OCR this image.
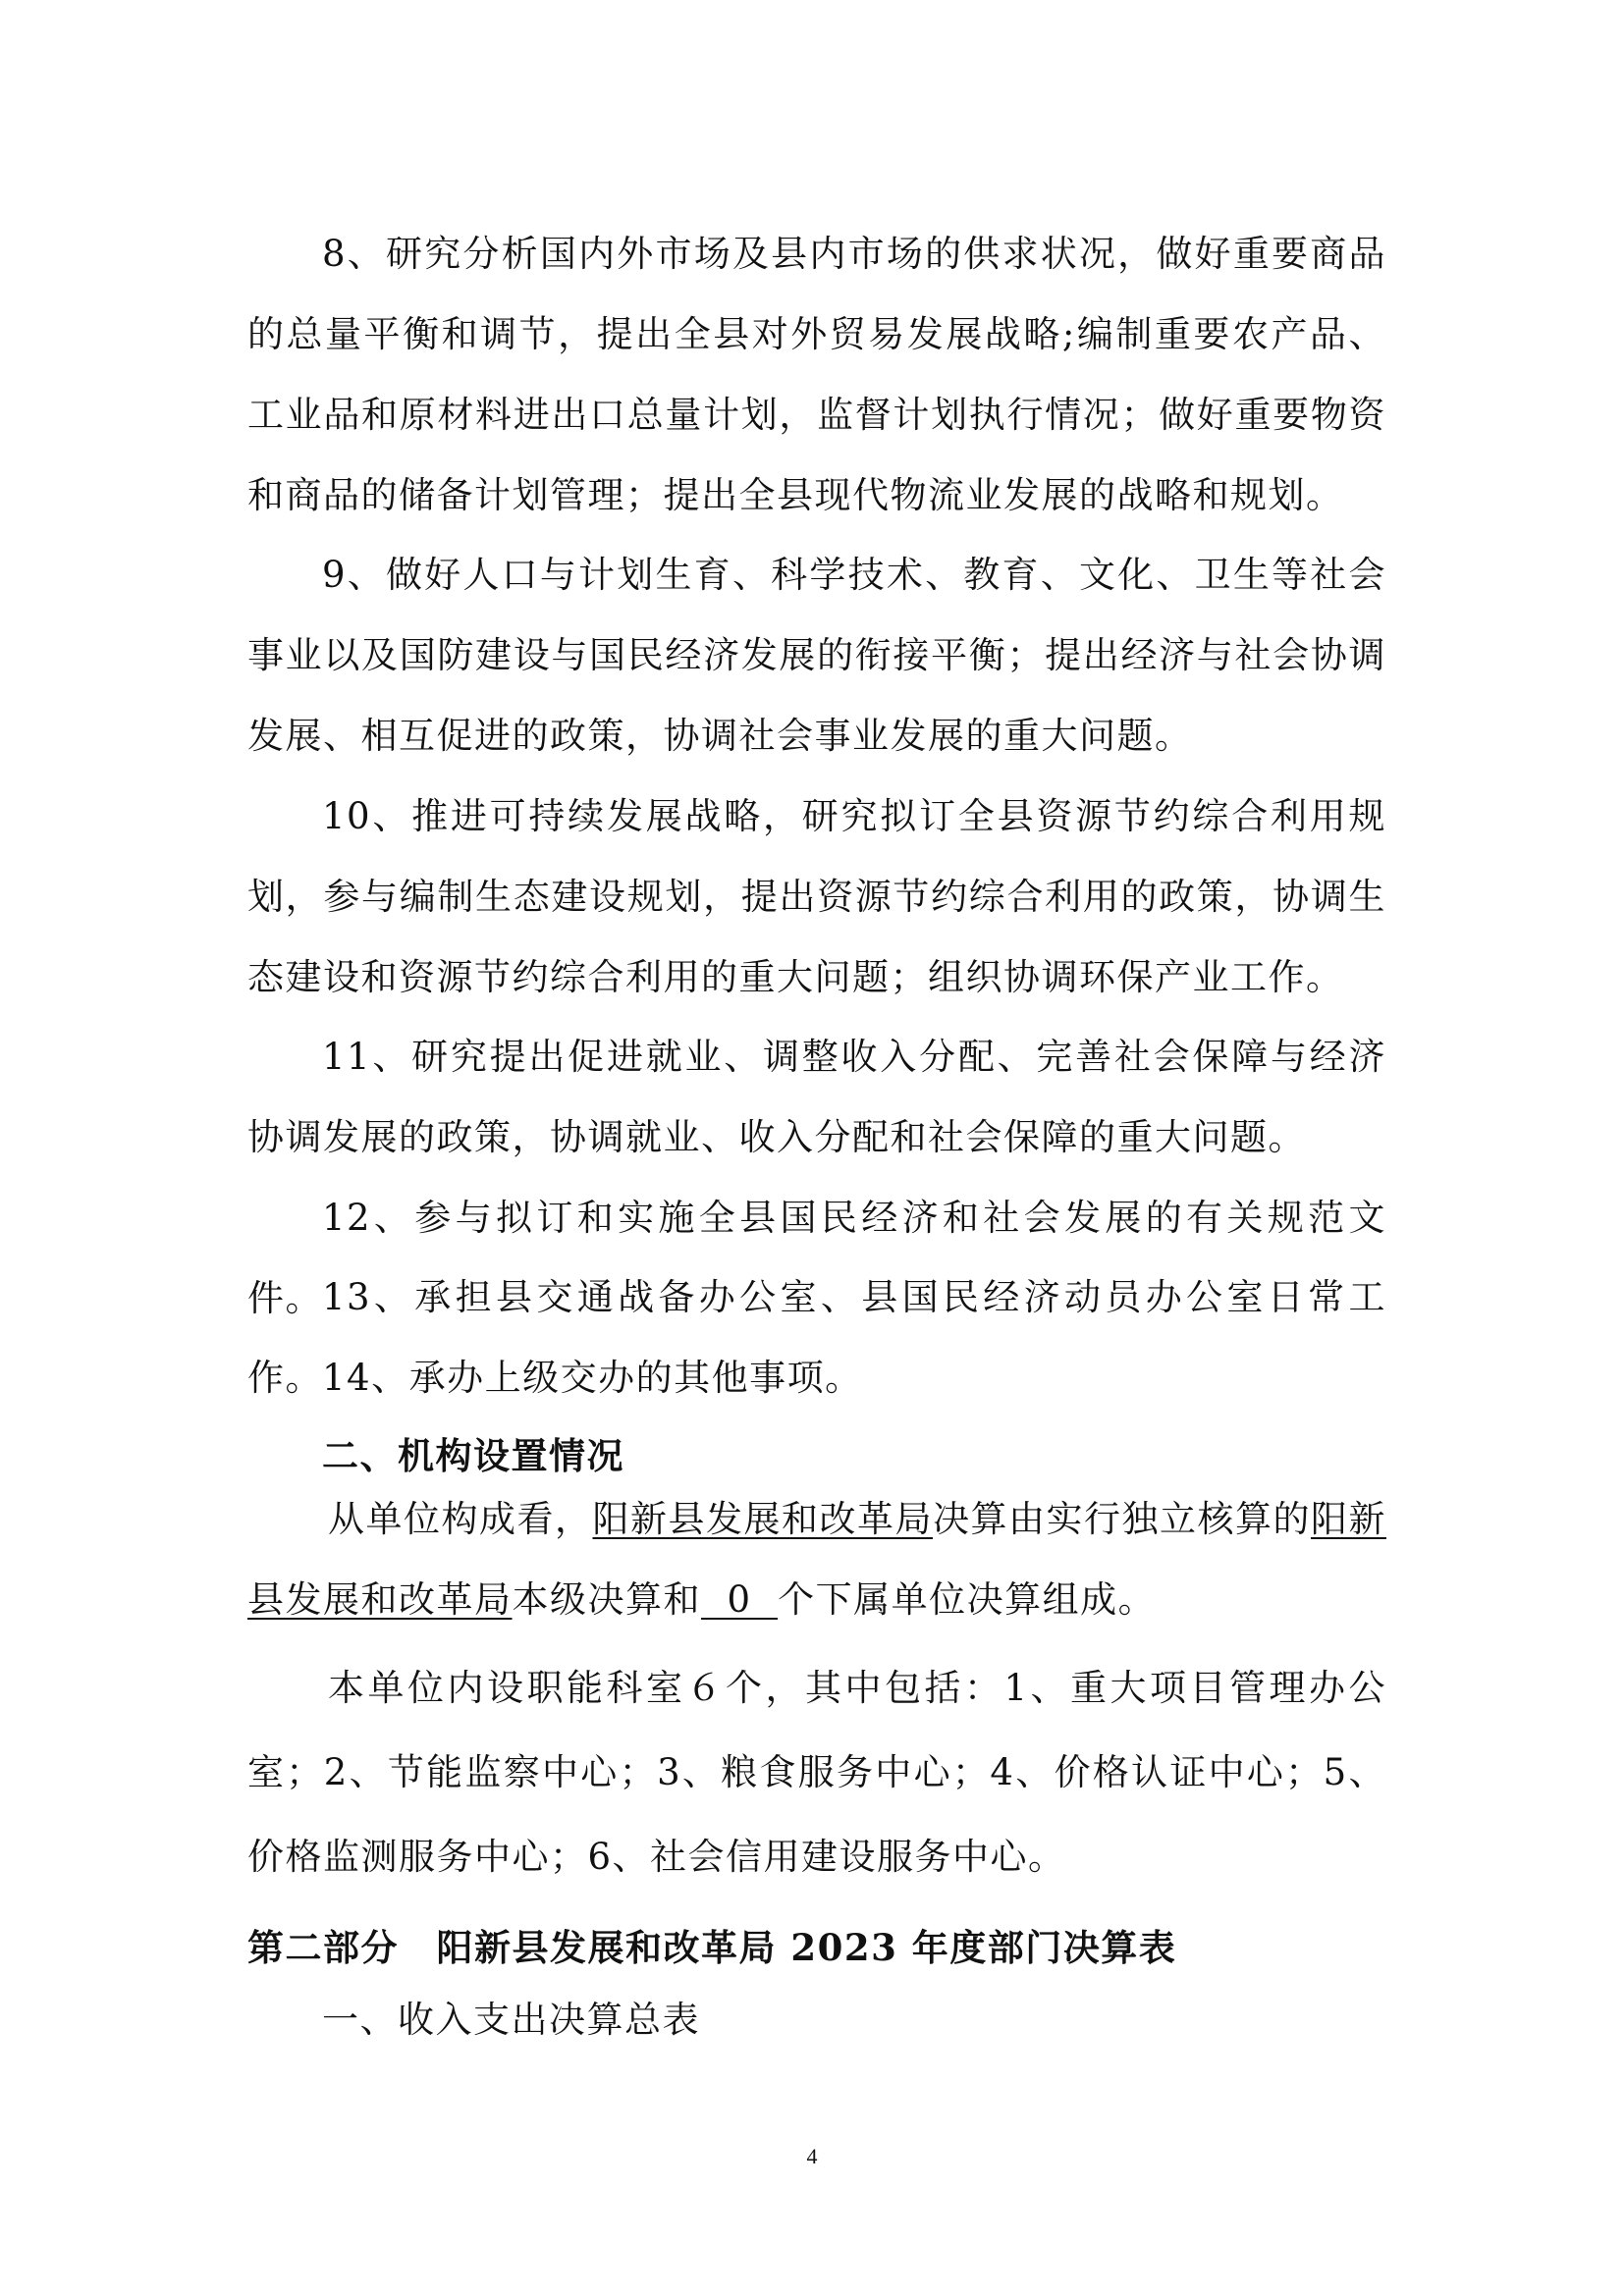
8、研究分析国内外市场及县内市场的供求状况，做好重要商品的总量平衡和调节，提出全县对外贸易发展战略;编制重要农产品、工业品和原材料进出口总量计划，监督计划执行情况；做好重要物资和商品的储备计划管理；提出全县现代物流业发展的战略和规划。

9、做好人口与计划生育、科学技术、教育、文化、卫生等社会事业以及国防建设与国民经济发展的衔接平衡；提出经济与社会协调发展、相互促进的政策，协调社会事业发展的重大问题。

10、推进可持续发展战略，研究拟订全县资源节约综合利用规划，参与编制生态建设规划，提出资源节约综合利用的政策，协调生态建设和资源节约综合利用的重大问题；组织协调环保产业工作。

11、研究提出促进就业、调整收入分配、完善社会保障与经济协调发展的政策，协调就业、收入分配和社会保障的重大问题。

12、参与拟订和实施全县国民经济和社会发展的有关规范文件。 13、承担县交通战备办公室、县国民经济动员办公室日常工作。 14、承办上级交办的其他事项。

二、机构设置情况

从单位构成看，阳新县发展和改革局决算由实行独立核算的阳新县发展和改革局本级决算和  0  个下属单位决算组成。

本单位内设职能科室６个，其中包括：1、重大项目管理办公室；2、节能监察中心；3、粮食服务中心；4、价格认证中心；5、价格监测服务中心；6、社会信用建设服务中心。

第二部分　阳新县发展和改革局 2023 年度部门决算表

一、收入支出决算总表

4
